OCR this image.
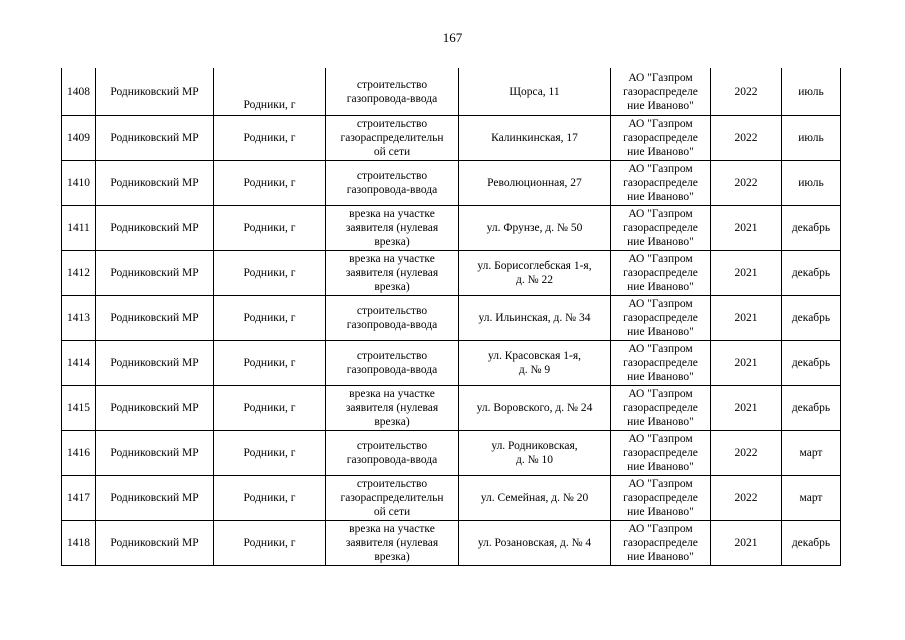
167
1408	Родниковский МР	Родники, г	строительство
газопровода-ввода	Щорса, 11	АО "Газпром
газораспределе
ние Иваново"	2022	июль
1409	Родниковский МР	Родники, г	строительство
газораспределительн
ой сети	Калинкинская, 17	АО "Газпром
газораспределе
ние Иваново"	2022	июль
1410	Родниковский МР	Родники, г	строительство
газопровода-ввода	Революционная, 27	АО "Газпром
газораспределе
ние Иваново"	2022	июль
1411	Родниковский МР	Родники, г	врезка на участке
заявителя (нулевая
врезка)	ул. Фрунзе, д. № 50	АО "Газпром
газораспределе
ние Иваново"	2021	декабрь
1412	Родниковский МР	Родники, г	врезка на участке
заявителя (нулевая
врезка)	ул. Борисоглебская 1-я,
д. № 22	АО "Газпром
газораспределе
ние Иваново"	2021	декабрь
1413	Родниковский МР	Родники, г	строительство
газопровода-ввода	ул. Ильинская, д. № 34	АО "Газпром
газораспределе
ние Иваново"	2021	декабрь
1414	Родниковский МР	Родники, г	строительство
газопровода-ввода	ул. Красовская 1-я,
д. № 9	АО "Газпром
газораспределе
ние Иваново"	2021	декабрь
1415	Родниковский МР	Родники, г	врезка на участке
заявителя (нулевая
врезка)	ул. Воровского, д. № 24	АО "Газпром
газораспределе
ние Иваново"	2021	декабрь
1416	Родниковский МР	Родники, г	строительство
газопровода-ввода	ул. Родниковская,
д. № 10	АО "Газпром
газораспределе
ние Иваново"	2022	март
1417	Родниковский МР	Родники, г	строительство
газораспределительн
ой сети	ул. Семейная, д. № 20	АО "Газпром
газораспределе
ние Иваново"	2022	март
1418	Родниковский МР	Родники, г	врезка на участке
заявителя (нулевая
врезка)	ул. Розановская, д. № 4	АО "Газпром
газораспределе
ние Иваново"	2021	декабрь
